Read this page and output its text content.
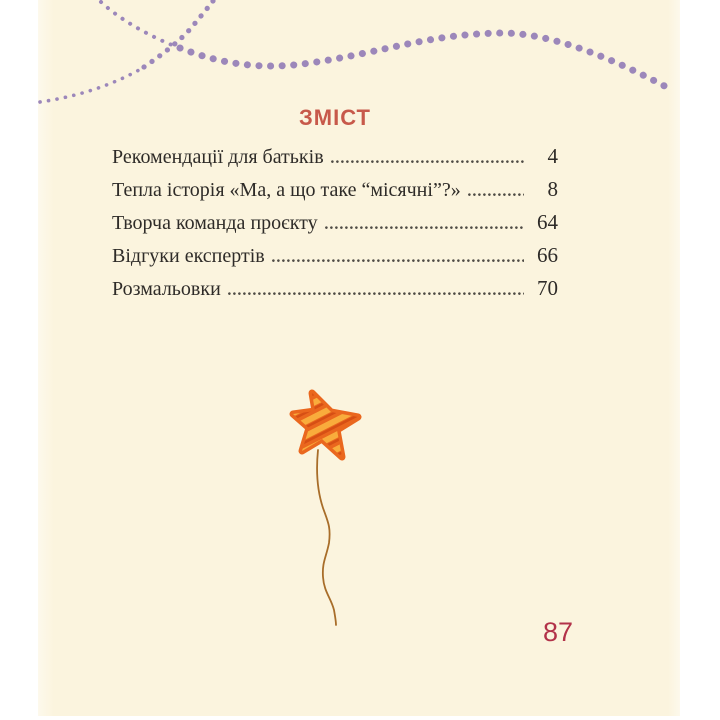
ЗМІСТ
Рекомендації для батьків	4
Тепла історія «Ма, а що таке “місячні”?»	8
Творча команда проєкту	64
Відгуки експертів	66
Розмальовки	70
87
